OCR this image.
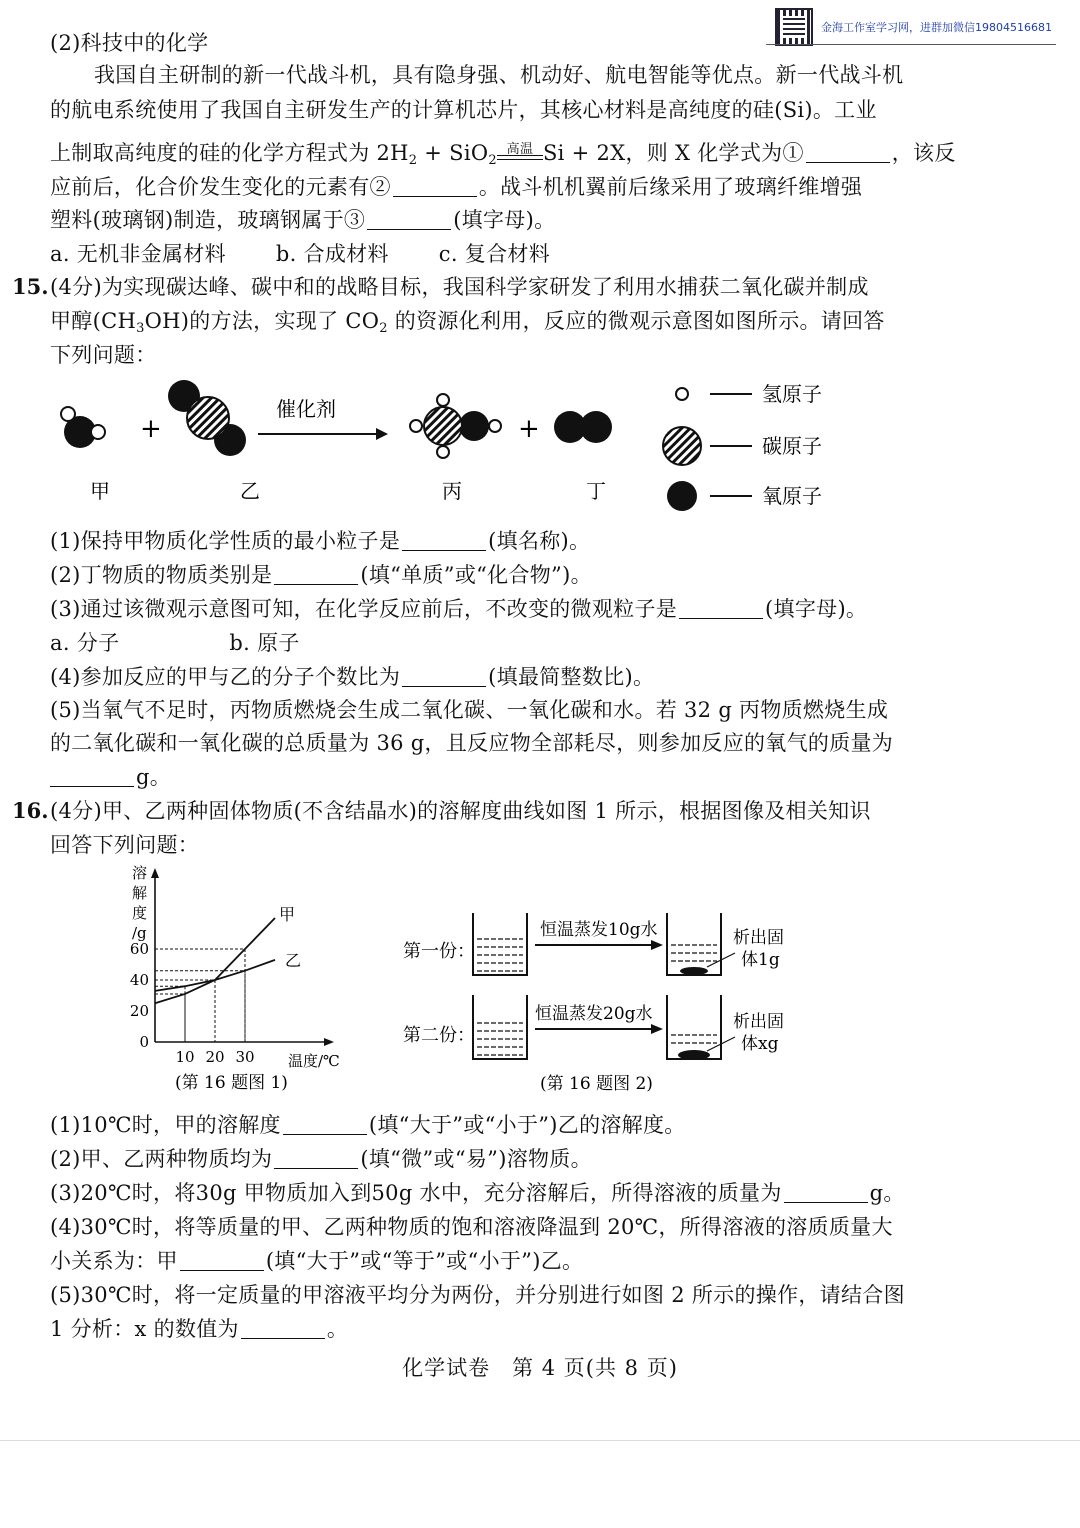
金海工作室学习网，进群加微信19804516681
(2)科技中的化学
我国自主研制的新一代战斗机，具有隐身强、机动好、航电智能等优点。新一代战斗机
的航电系统使用了我国自主研发生产的计算机芯片，其核心材料是高纯度的硅(Si)。工业
上制取高纯度的硅的化学方程式为 $2H_2 + SiO_2$
高温 Si + 2X，则 X 化学式为①	，该反
应前后，化合价发生变化的元素有②	。战斗机机翼前后缘采用了玻璃纤维增强
塑料(玻璃钢)制造，玻璃钢属于③	(填字母)。
a. 无机非金属材料 b. 合成材料 c. 复合材料
15. (4分)为实现碳达峰、碳中和的战略目标，我国科学家研发了利用水捕获二氧化碳并制成
甲醇$(CH_3OH)$的方法，实现了 $CO_2$ 的资源化利用，反应的微观示意图如图所示。请回答
下列问题：
+
催化剂
+
甲	乙	丙	丁
氢原子
碳原子
氧原子
(1)保持甲物质化学性质的最小粒子是	(填名称)。
(2)丁物质的物质类别是	(填“单质”或“化合物”)。
(3)通过该微观示意图可知，在化学反应前后，不改变的微观粒子是	(填字母)。
a. 分子	b. 原子
(4)参加反应的甲与乙的分子个数比为	(填最简整数比)。
(5)当氧气不足时，丙物质燃烧会生成二氧化碳、一氧化碳和水。若 32 g 丙物质燃烧生成
的二氧化碳和一氧化碳的总质量为 36 g，且反应物全部耗尽，则参加反应的氧气的质量为
g。
16. (4分)甲、乙两种固体物质(不含结晶水)的溶解度曲线如图 1 所示，根据图像及相关知识
回答下列问题：
溶
解
度
/g
0
20
40
60
10 20 30 温度/℃
甲
乙
(第 16 题图 1)
第一份：
恒温蒸发10g水	析出固
体1g
第二份：
恒温蒸发20g水	析出固
体xg
(第 16 题图 2)
(1)10℃时，甲的溶解度	(填“大于”或“小于”)乙的溶解度。
(2)甲、乙两种物质均为	(填“微”或“易”)溶物质。
(3)20℃时，将30g 甲物质加入到50g 水中，充分溶解后，所得溶液的质量为	g。
(4)30℃时，将等质量的甲、乙两种物质的饱和溶液降温到 20℃，所得溶液的溶质质量大
小关系为：甲	(填“大于”或“等于”或“小于”)乙。
(5)30℃时，将一定质量的甲溶液平均分为两份，并分别进行如图 2 所示的操作，请结合图
1 分析：x 的数值为	。
化学试卷　第 4 页(共 8 页)
